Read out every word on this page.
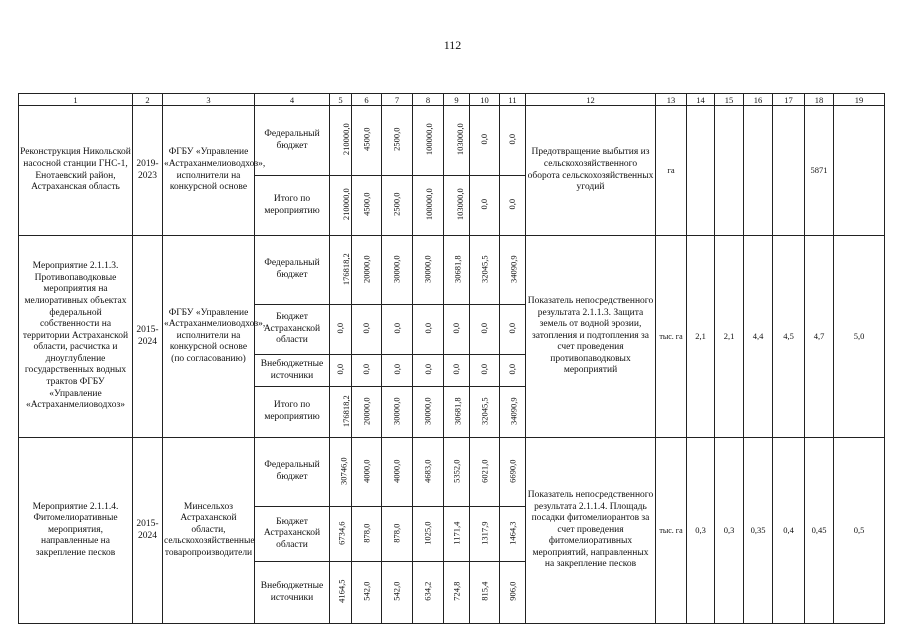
112
1	2	3	4	5	6	7	8	9	10	11	12	13	14	15	16	17	18	19
Реконструкция Никольской насосной станции ГНС-1, Енотаевский район, Астраханская область	2019-2023	ФГБУ «Управление «Астраханмелиоводхоз», исполнители на конкурсной основе	Федеральный бюджет	210000,0	4500,0	2500,0	100000,0	103000,0	0,0	0,0	Предотвращение выбытия из сельскохозяйственного оборота сельскохозяйственных угодий	га					5871	
			Итого по мероприятию	210000,0	4500,0	2500,0	100000,0	103000,0	0,0	0,0								
Мероприятие 2.1.1.3. Противопаводковые мероприятия на мелиоративных объектах федеральной собственности на территории Астраханской области, расчистка и дноуглубление государственных водных трактов ФГБУ «Управление «Астраханмелиоводхоз»	2015-2024	ФГБУ «Управление «Астраханмелиоводхоз», исполнители на конкурсной основе (по согласованию)	Федеральный бюджет	176818,2	20000,0	30000,0	30000,0	30681,8	32045,5	34090,9	Показатель непосредственного результата 2.1.1.3. Защита земель от водной эрозии, затопления и подтопления за счет проведения противопаводковых мероприятий	тыс. га	2,1	2,1	4,4	4,5	4,7	5,0
			Бюджет Астраханской области	0,0	0,0	0,0	0,0	0,0	0,0	0,0								
			Внебюджетные источники	0,0	0,0	0,0	0,0	0,0	0,0	0,0								
			Итого по мероприятию	176818,2	20000,0	30000,0	30000,0	30681,8	32045,5	34090,9								
Мероприятие 2.1.1.4. Фитомелиоративные мероприятия, направленные на закрепление песков	2015-2024	Минсельхоз Астраханской области, сельскохозяйственные товаропроизводители	Федеральный бюджет	30746,0	4000,0	4000,0	4683,0	5352,0	6021,0	6690,0	Показатель непосредственного результата 2.1.1.4. Площадь посадки фитомелиорантов за счет проведения фитомелиоративных мероприятий, направленных на закрепление песков	тыс. га	0,3	0,3	0,35	0,4	0,45	0,5
			Бюджет Астраханской области	6734,6	878,0	878,0	1025,0	1171,4	1317,9	1464,3								
			Внебюджетные источники	4164,5	542,0	542,0	634,2	724,8	815,4	906,0								
